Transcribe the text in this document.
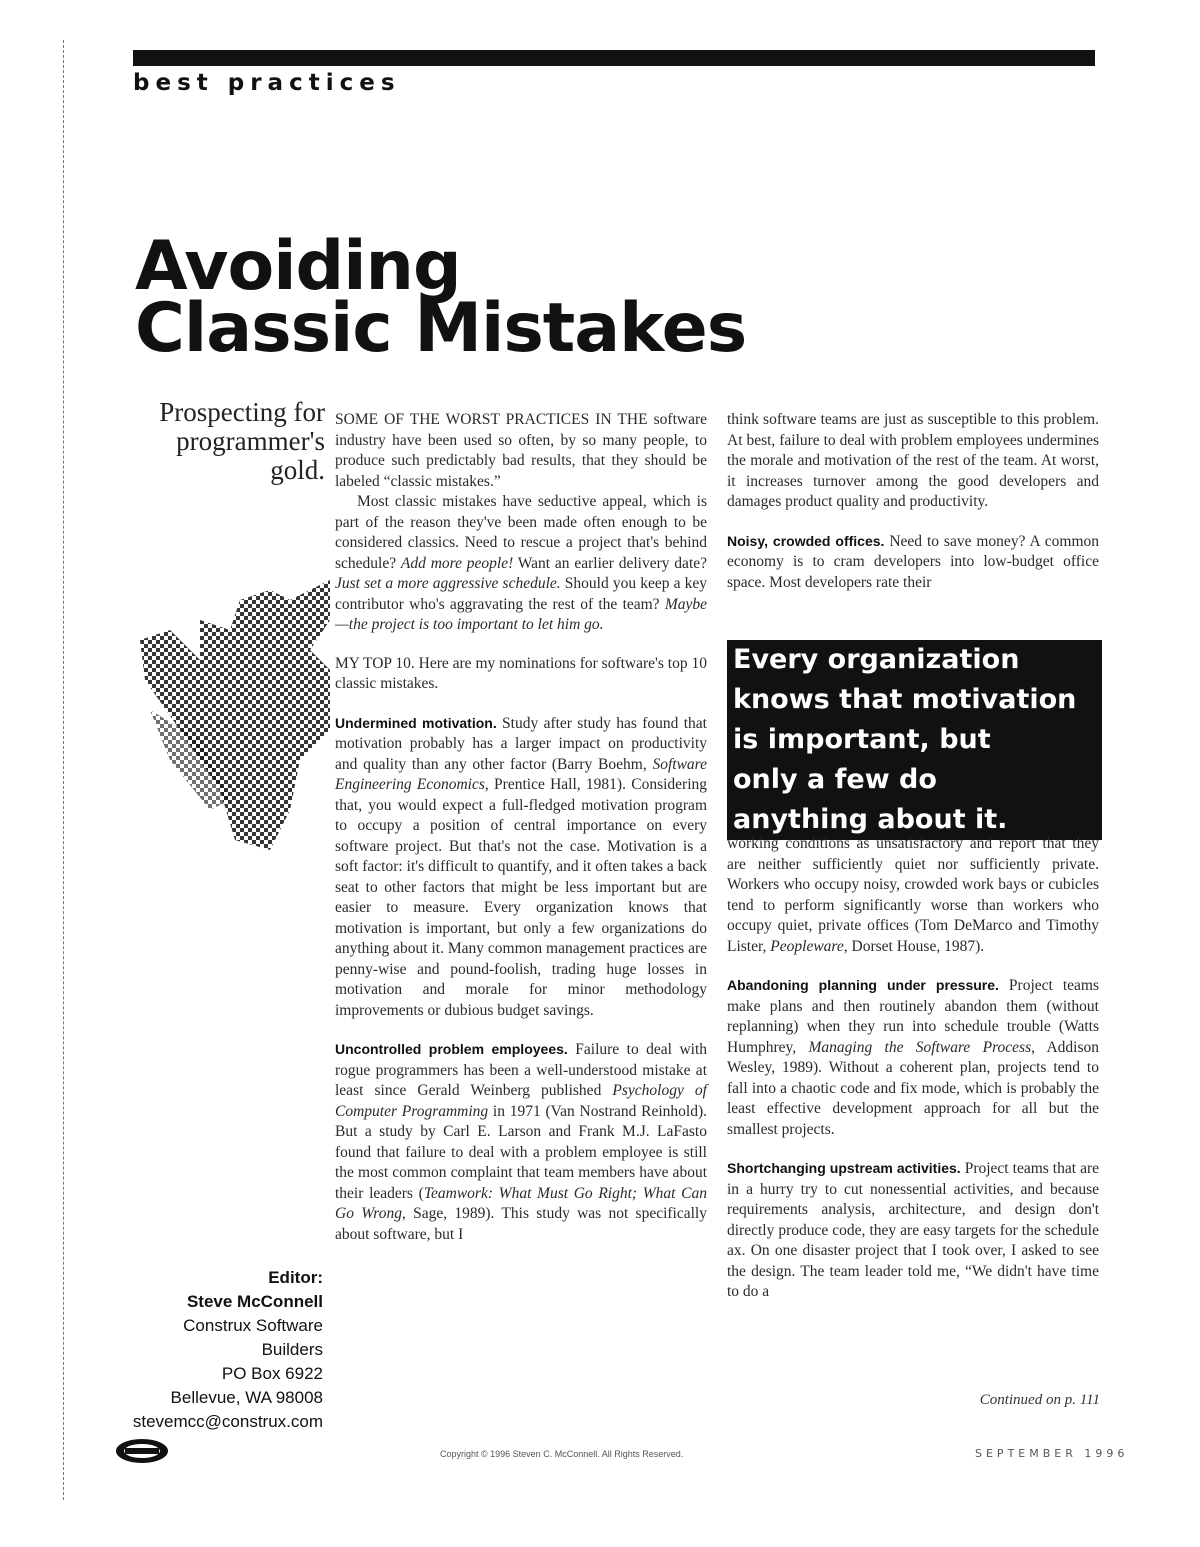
best practices
Avoiding
Classic Mistakes
Prospecting for programmer's gold.

SOME OF THE WORST PRACTICES IN THE software industry have been used so often, by so many people, to produce such predictably bad results, that they should be labeled “classic mistakes.”

Most classic mistakes have seductive appeal, which is part of the reason they've been made often enough to be considered classics. Need to rescue a project that's behind schedule? Add more people! Want an earlier delivery date? Just set a more aggressive schedule. Should you keep a key contributor who's aggravating the rest of the team? Maybe—the project is too important to let him go.

MY TOP 10. Here are my nominations for software's top 10 classic mistakes.

Undermined motivation. Study after study has found that motivation probably has a larger impact on productivity and quality than any other factor (Barry Boehm, Software Engineering Economics, Prentice Hall, 1981). Considering that, you would expect a full-fledged motivation program to occupy a position of central importance on every software project. But that's not the case. Motivation is a soft factor: it's difficult to quantify, and it often takes a back seat to other factors that might be less important but are easier to measure. Every organization knows that motivation is important, but only a few organizations do anything about it. Many common management practices are penny-wise and pound-foolish, trading huge losses in motivation and morale for minor methodology improvements or dubious budget savings.

Uncontrolled problem employees. Failure to deal with rogue programmers has been a well-understood mistake at least since Gerald Weinberg published Psychology of Computer Programming in 1971 (Van Nostrand Reinhold). But a study by Carl E. Larson and Frank M.J. LaFasto found that failure to deal with a problem employee is still the most common complaint that team members have about their leaders (Teamwork: What Must Go Right; What Can Go Wrong, Sage, 1989). This study was not specifically about software, but I

think software teams are just as susceptible to this problem. At best, failure to deal with problem employees undermines the morale and motivation of the rest of the team. At worst, it increases turnover among the good developers and damages product quality and productivity.

Noisy, crowded offices. Need to save money? A common economy is to cram developers into low-budget office space. Most developers rate their

Every organization
knows that motivation
is important, but
only a few do
anything about it.

working conditions as unsatisfactory and report that they are neither sufficiently quiet nor sufficiently private. Workers who occupy noisy, crowded work bays or cubicles tend to perform significantly worse than workers who occupy quiet, private offices (Tom DeMarco and Timothy Lister, Peopleware, Dorset House, 1987).

Abandoning planning under pressure. Project teams make plans and then routinely abandon them (without replanning) when they run into schedule trouble (Watts Humphrey, Managing the Software Process, Addison Wesley, 1989). Without a coherent plan, projects tend to fall into a chaotic code and fix mode, which is probably the least effective development approach for all but the smallest projects.

Shortchanging upstream activities. Project teams that are in a hurry try to cut nonessential activities, and because requirements analysis, architecture, and design don't directly produce code, they are easy targets for the schedule ax. On one disaster project that I took over, I asked to see the design. The team leader told me, “We didn't have time to do a

Continued on p. 111
Editor:
Steve McConnell
Construx Software Builders
PO Box 6922
Bellevue, WA 98008
stevemcc@construx.com
Copyright © 1996 Steven C. McConnell. All Rights Reserved.	SEPTEMBER 1996
